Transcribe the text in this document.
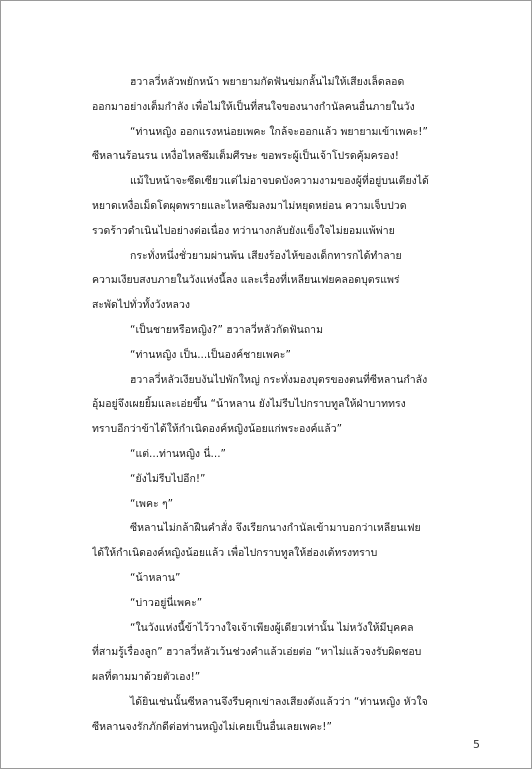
ฮวาลวี่หลัวพยักหน้า พยายามกัดฟันข่มกลั้นไม่ให้เสียงเล็ดลอด
ออกมาอย่างเต็มกำลัง เพื่อไม่ให้เป็นที่สนใจของนางกำนัลคนอื่นภายในวัง
“ท่านหญิง ออกแรงหน่อยเพคะ ใกล้จะออกแล้ว พยายามเข้าเพคะ!”
ซีหลานร้อนรน เหงื่อไหลซึมเต็มศีรษะ ขอพระผู้เป็นเจ้าโปรดคุ้มครอง!
แม้ใบหน้าจะซีดเซียวแต่ไม่อาจบดบังความงามของผู้ที่อยู่บนเตียงได้
หยาดเหงื่อเม็ดโตผุดพรายและไหลซึมลงมาไม่หยุดหย่อน ความเจ็บปวด
รวดร้าวดำเนินไปอย่างต่อเนื่อง ทว่านางกลับยังแข็งใจไม่ยอมแพ้พ่าย
กระทั่งหนึ่งชั่วยามผ่านพ้น เสียงร้องไห้ของเด็กทารกได้ทำลาย
ความเงียบสงบภายในวังแห่งนี้ลง และเรื่องที่เหลียนเฟยคลอดบุตรแพร่
สะพัดไปทั่วทั้งวังหลวง
“เป็นชายหรือหญิง?” ฮวาลวี่หลัวกัดฟันถาม
“ท่านหญิง เป็น...เป็นองค์ชายเพคะ”
ฮวาลวี่หลัวเงียบงันไปพักใหญ่ กระทั่งมองบุตรของตนที่ซีหลานกำลัง
อุ้มอยู่จึงเผยยิ้มและเอ่ยขึ้น “น้าหลาน ยังไม่รีบไปกราบทูลให้ฝ่าบาททรง
ทราบอีกว่าข้าได้ให้กำเนิดองค์หญิงน้อยแก่พระองค์แล้ว”
“แต่...ท่านหญิง นี่...”
“ยังไม่รีบไปอีก!”
“เพคะ ๆ”
ซีหลานไม่กล้าฝืนคำสั่ง จึงเรียกนางกำนัลเข้ามาบอกว่าเหลียนเฟย
ได้ให้กำเนิดองค์หญิงน้อยแล้ว เพื่อไปกราบทูลให้ฮ่องเต้ทรงทราบ
“น้าหลาน”
“บ่าวอยู่นี่เพคะ”
“ในวังแห่งนี้ข้าไว้วางใจเจ้าเพียงผู้เดียวเท่านั้น ไม่หวังให้มีบุคคล
ที่สามรู้เรื่องลูก” ฮวาลวี่หลัวเว้นช่วงคำแล้วเอ่ยต่อ “หาไม่แล้วจงรับผิดชอบ
ผลที่ตามมาด้วยตัวเอง!”
ได้ยินเช่นนั้นซีหลานจึงรีบคุกเข่าลงเสียงดังแล้วว่า “ท่านหญิง หัวใจ
ซีหลานจงรักภักดีต่อท่านหญิงไม่เคยเป็นอื่นเลยเพคะ!”
5
